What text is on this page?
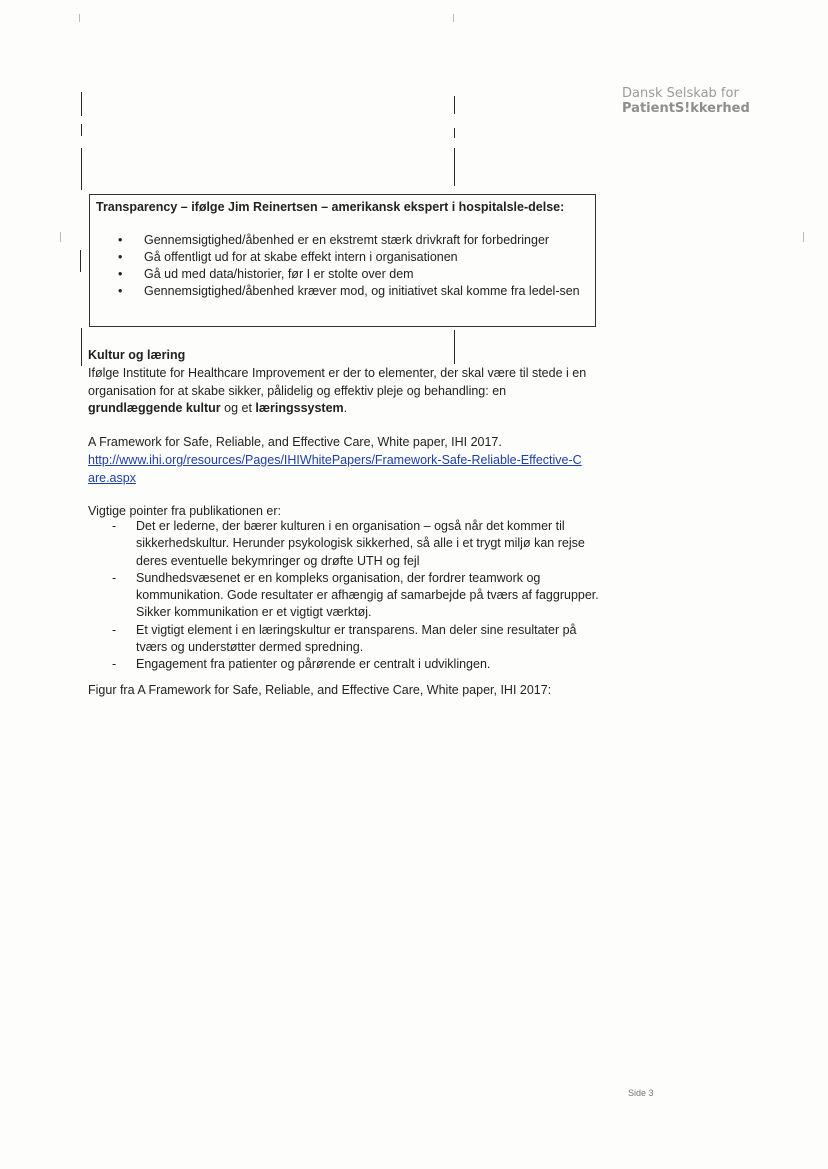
Dansk Selskab for
PatientS!kkerhed
Transparency – ifølge Jim Reinertsen – amerikansk ekspert i hospitalsle-delse:
• Gennemsigtighed/åbenhed er en ekstremt stærk drivkraft for forbedringer
• Gå offentligt ud for at skabe effekt intern i organisationen
• Gå ud med data/historier, før I er stolte over dem
• Gennemsigtighed/åbenhed kræver mod, og initiativet skal komme fra ledel-sen
Kultur og læring
Ifølge Institute for Healthcare Improvement er der to elementer, der skal være til stede i en organisation for at skabe sikker, pålidelig og effektiv pleje og behandling: en grundlæggende kultur og et læringssystem.
A Framework for Safe, Reliable, and Effective Care, White paper, IHI 2017.
http://www.ihi.org/resources/Pages/IHIWhitePapers/Framework-Safe-Reliable-Effective-Care.aspx
Vigtige pointer fra publikationen er:
- Det er lederne, der bærer kulturen i en organisation – også når det kommer til sikkerhedskultur. Herunder psykologisk sikkerhed, så alle i et trygt miljø kan rejse deres eventuelle bekymringer og drøfte UTH og fejl
- Sundhedsvæsenet er en kompleks organisation, der fordrer teamwork og kommunikation. Gode resultater er afhængig af samarbejde på tværs af faggrupper. Sikker kommunikation er et vigtigt værktøj.
- Et vigtigt element i en læringskultur er transparens. Man deler sine resultater på tværs og understøtter dermed spredning.
- Engagement fra patienter og pårørende er centralt i udviklingen.
Figur fra A Framework for Safe, Reliable, and Effective Care, White paper, IHI 2017:
Side 3
